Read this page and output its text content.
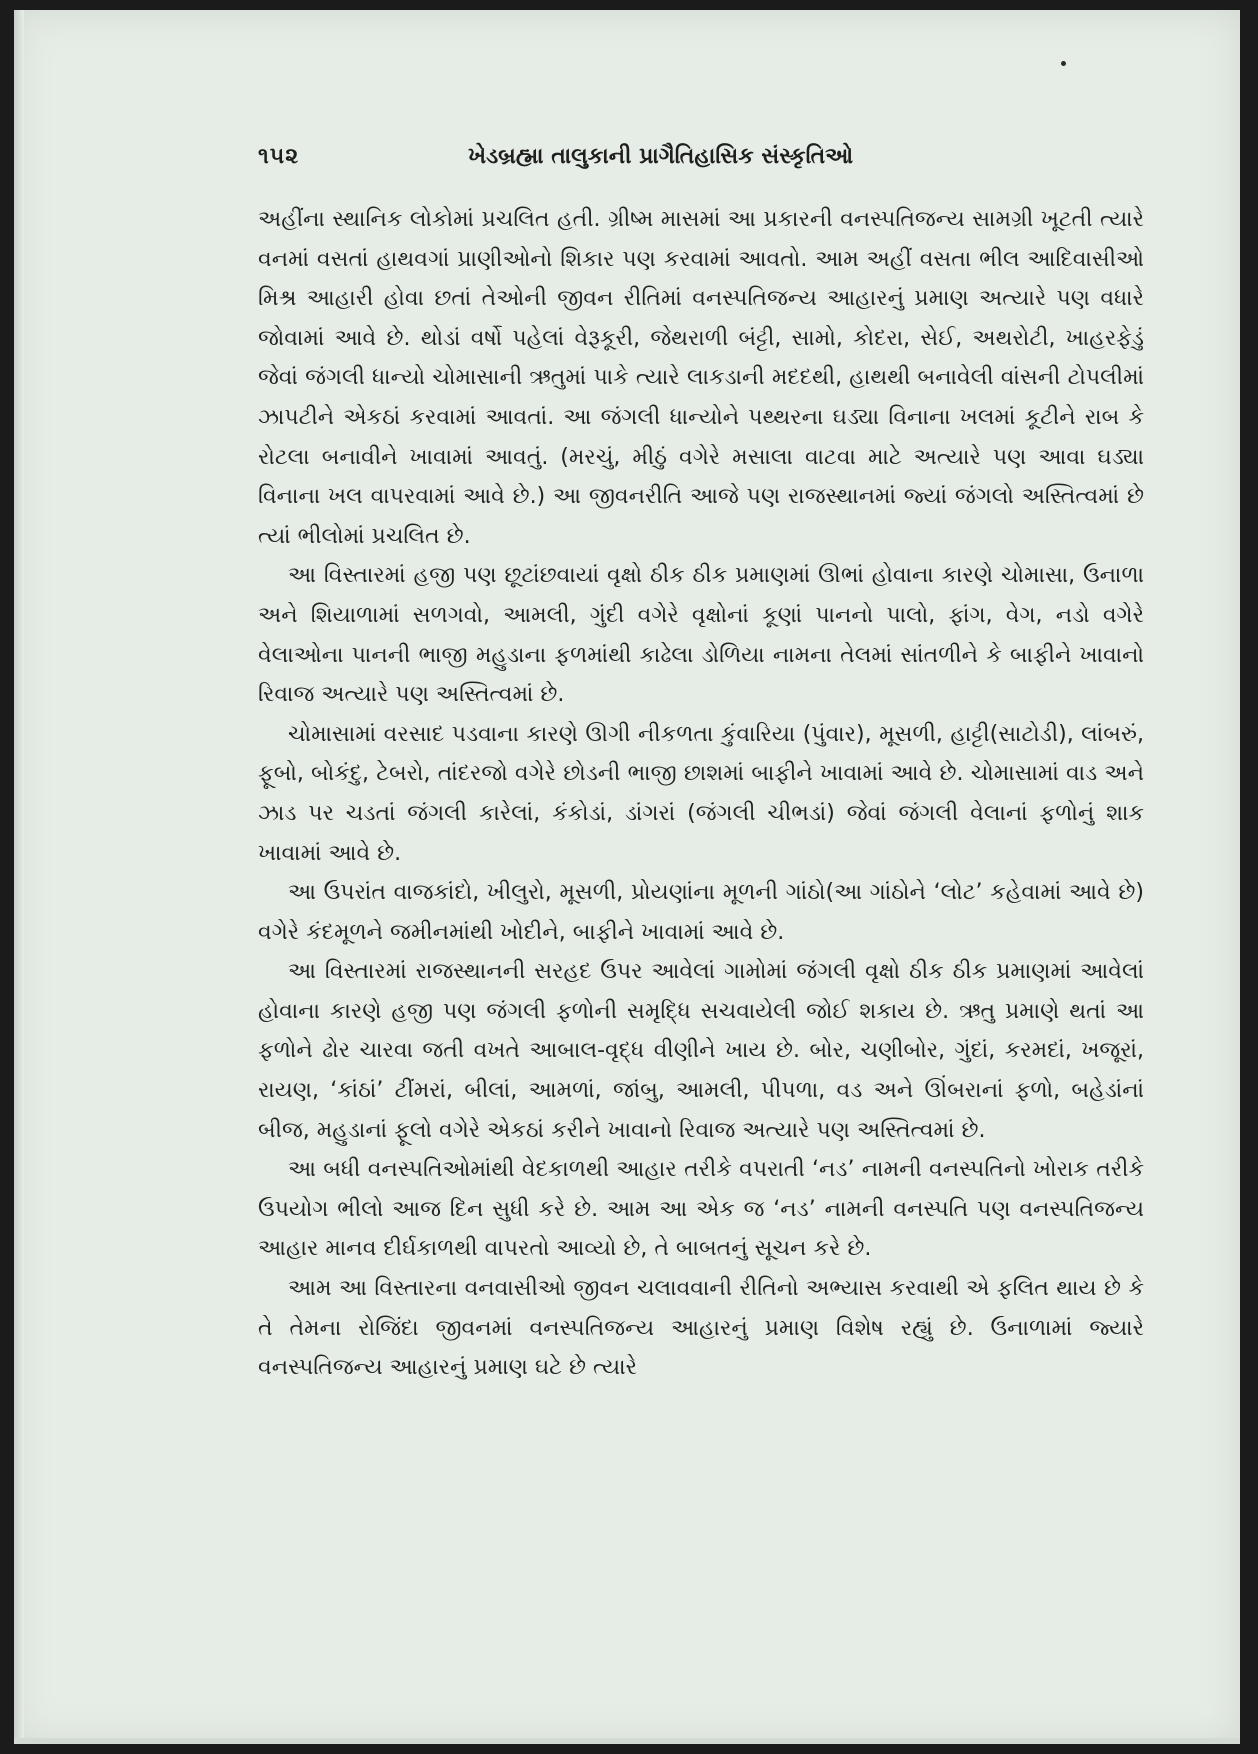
૧૫૨	ખેડબ્રહ્મા તાલુકાની પ્રાગૈતિહાસિક સંસ્કૃતિઓ

અહીંના સ્થાનિક લોકોમાં પ્રચલિત હતી. ગ્રીષ્મ માસમાં આ પ્રકારની વનસ્પતિજન્ય સામગ્રી ખૂટતી ત્યારે વનમાં વસતાં હાથવગાં પ્રાણીઓનો શિકાર પણ કરવામાં આવતો. આમ અહીં વસતા ભીલ આદિવાસીઓ મિશ્ર આહારી હોવા છતાં તેઓની જીવન રીતિમાં વનસ્પતિજન્ય આહારનું પ્રમાણ અત્યારે પણ વધારે જોવામાં આવે છે. થોડાં વર્ષો પહેલાં વેરૂકૂરી, જેથરાળી બંટ્ટી, સામો, કોદરા, સેઈ, અથરોટી, ખાહરફેડું જેવાં જંગલી ધાન્યો ચોમાસાની ઋતુમાં પાકે ત્યારે લાકડાની મદદથી, હાથથી બનાવેલી વાંસની ટોપલીમાં ઝાપટીને એકઠાં કરવામાં આવતાં. આ જંગલી ધાન્યોને પથ્થરના ઘડ્યા વિનાના ખલમાં કૂટીને રાબ કે રોટલા બનાવીને ખાવામાં આવતું. (મરચું, મીઠું વગેરે મસાલા વાટવા માટે અત્યારે પણ આવા ઘડ્યા વિનાના ખલ વાપરવામાં આવે છે.) આ જીવનરીતિ આજે પણ રાજસ્થાનમાં જ્યાં જંગલો અસ્તિત્વમાં છે ત્યાં ભીલોમાં પ્રચલિત છે.

આ વિસ્તારમાં હજી પણ છૂટાંછવાયાં વૃક્ષો ઠીક ઠીક પ્રમાણમાં ઊભાં હોવાના કારણે ચોમાસા, ઉનાળા અને શિયાળામાં સળગવો, આમલી, ગુંદી વગેરે વૃક્ષોનાં કૂણાં પાનનો પાલો, ફાંગ, વેગ, નડો વગેરે વેલાઓના પાનની ભાજી મહુડાના ફળમાંથી કાઢેલા ડોળિયા નામના તેલમાં સાંતળીને કે બાફીને ખાવાનો રિવાજ અત્યારે પણ અસ્તિત્વમાં છે.

ચોમાસામાં વરસાદ પડવાના કારણે ઊગી નીકળતા કુંવારિયા (પુંવાર), મૂસળી, હાટ્ટી(સાટોડી), લાંબરું, ફૂબો, બોકંદુ, ટેબરો, તાંદરજો વગેરે છોડની ભાજી છાશમાં બાફીને ખાવામાં આવે છે. ચોમાસામાં વાડ અને ઝાડ પર ચડતાં જંગલી કારેલાં, કંકોડાં, ડાંગરાં (જંગલી ચીભડાં) જેવાં જંગલી વેલાનાં ફળોનું શાક ખાવામાં આવે છે.

આ ઉપરાંત વાજકાંદો, ખીલુરો, મૂસળી, પ્રોયણાંના મૂળની ગાંઠો(આ ગાંઠોને ‘લોટ’ કહેવામાં આવે છે) વગેરે કંદમૂળને જમીનમાંથી ખોદીને, બાફીને ખાવામાં આવે છે.

આ વિસ્તારમાં રાજસ્થાનની સરહદ ઉપર આવેલાં ગામોમાં જંગલી વૃક્ષો ઠીક ઠીક પ્રમાણમાં આવેલાં હોવાના કારણે હજી પણ જંગલી ફળોની સમૃદ્ધિ સચવાયેલી જોઈ શકાય છે. ઋતુ પ્રમાણે થતાં આ ફળોને ઢોર ચારવા જતી વખતે આબાલ-વૃદ્ધ વીણીને ખાય છે. બોર, ચણીબોર, ગુંદાં, કરમદાં, ખજૂરાં, રાયણ, ‘કાંઠાં’ ટીંમરાં, બીલાં, આમળાં, જાંબુ, આમલી, પીપળા, વડ અને ઊંબરાનાં ફળો, બહેડાંનાં બીજ, મહુડાનાં ફૂલો વગેરે એકઠાં કરીને ખાવાનો રિવાજ અત્યારે પણ અસ્તિત્વમાં છે.

આ બધી વનસ્પતિઓમાંથી વેદકાળથી આહાર તરીકે વપરાતી ‘નડ’ નામની વનસ્પતિનો ખોરાક તરીકે ઉપયોગ ભીલો આજ દિન સુધી કરે છે. આમ આ એક જ ‘નડ’ નામની વનસ્પતિ પણ વનસ્પતિજન્ય આહાર માનવ દીર્ઘકાળથી વાપરતો આવ્યો છે, તે બાબતનું સૂચન કરે છે.

આમ આ વિસ્તારના વનવાસીઓ જીવન ચલાવવાની રીતિનો અભ્યાસ કરવાથી એ ફલિત થાય છે કે તે તેમના રોજિંદા જીવનમાં વનસ્પતિજન્ય આહારનું પ્રમાણ વિશેષ રહ્યું છે. ઉનાળામાં જ્યારે વનસ્પતિજન્ય આહારનું પ્રમાણ ઘટે છે ત્યારે
